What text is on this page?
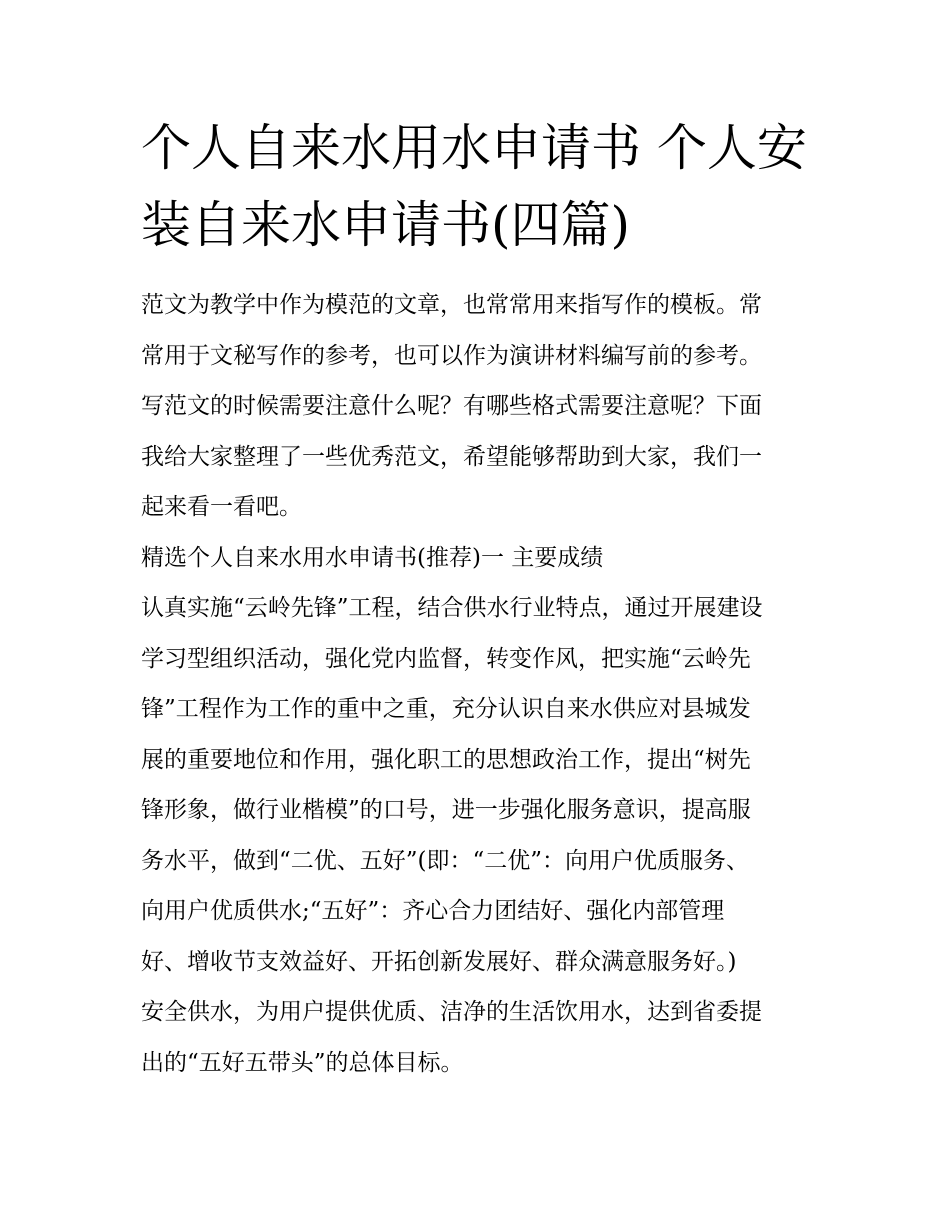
个人自来水用水申请书 个人安
装自来水申请书(四篇)

范文为教学中作为模范的文章，也常常用来指写作的模板。常
常用于文秘写作的参考，也可以作为演讲材料编写前的参考。
写范文的时候需要注意什么呢？有哪些格式需要注意呢？下面
我给大家整理了一些优秀范文，希望能够帮助到大家，我们一
起来看一看吧。

精选个人自来水用水申请书(推荐)一 主要成绩

认真实施“云岭先锋”工程，结合供水行业特点，通过开展建设
学习型组织活动，强化党内监督，转变作风，把实施“云岭先
锋”工程作为工作的重中之重，充分认识自来水供应对县城发
展的重要地位和作用，强化职工的思想政治工作，提出“树先
锋形象，做行业楷模”的口号，进一步强化服务意识，提高服
务水平，做到“二优、五好”(即：“二优”：向用户优质服务、
向用户优质供水;“五好”：齐心合力团结好、强化内部管理
好、增收节支效益好、开拓创新发展好、群众满意服务好。)
安全供水，为用户提供优质、洁净的生活饮用水，达到省委提
出的“五好五带头”的总体目标。
